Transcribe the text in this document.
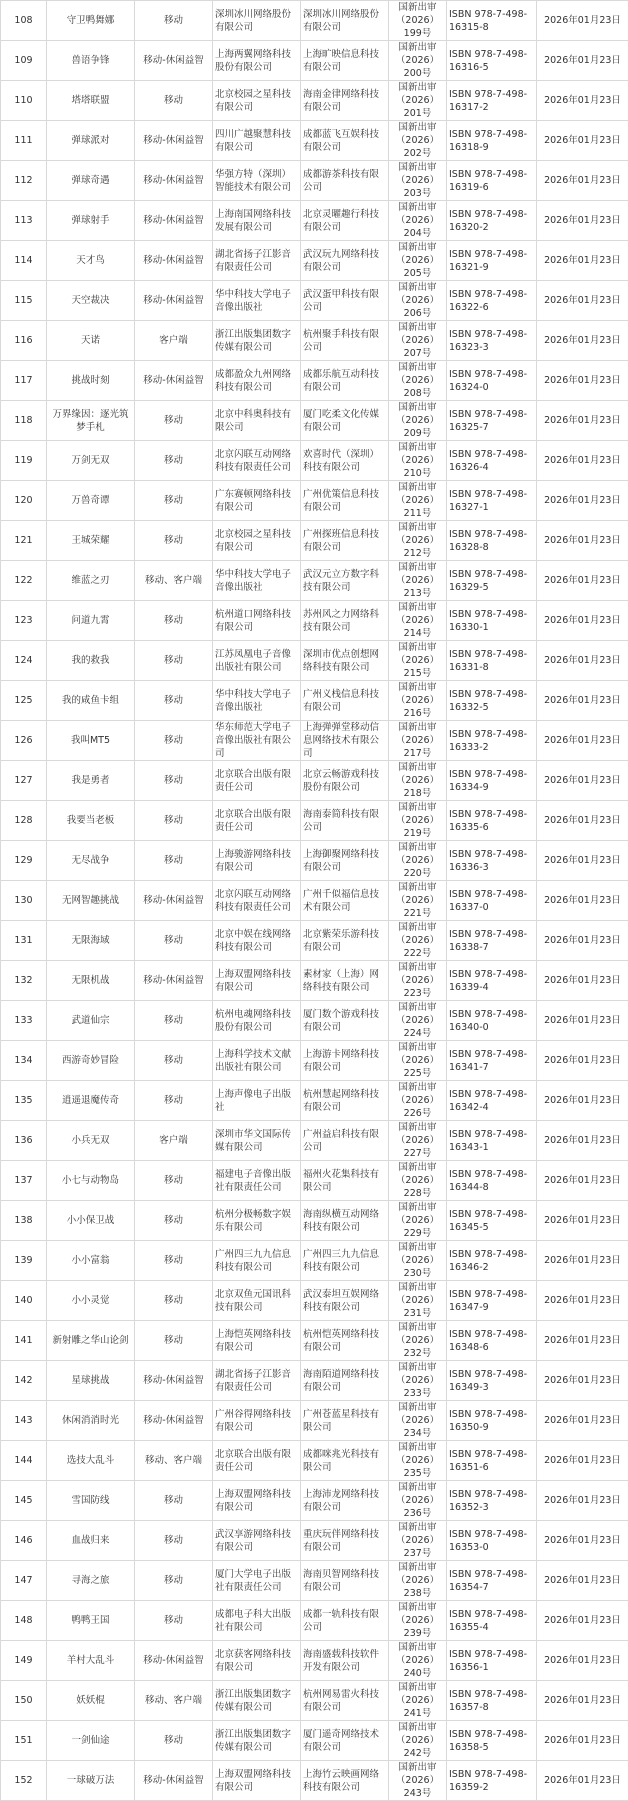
108	守卫鸭舞娜	移动	深圳冰川网络股份有限公司	深圳冰川网络股份有限公司	国新出审（2026）199号	ISBN 978-7-498-16315-8	2026年01月23日
109	兽语争锋	移动-休闲益智	上海两翼网络科技股份有限公司	上海旷映信息科技有限公司	国新出审（2026）200号	ISBN 978-7-498-16316-5	2026年01月23日
110	塔塔联盟	移动	北京校园之星科技有限公司	海南金律网络科技有限公司	国新出审（2026）201号	ISBN 978-7-498-16317-2	2026年01月23日
111	弹球派对	移动-休闲益智	四川广越聚慧科技有限公司	成都蓝飞互娱科技有限公司	国新出审（2026）202号	ISBN 978-7-498-16318-9	2026年01月23日
112	弹球奇遇	移动-休闲益智	华强方特（深圳）智能技术有限公司	成都游茶科技有限公司	国新出审（2026）203号	ISBN 978-7-498-16319-6	2026年01月23日
113	弹球射手	移动-休闲益智	上海南国网络科技发展有限公司	北京灵曜趣行科技有限公司	国新出审（2026）204号	ISBN 978-7-498-16320-2	2026年01月23日
114	天才鸟	移动-休闲益智	湖北省扬子江影音有限责任公司	武汉玩九网络科技有限公司	国新出审（2026）205号	ISBN 978-7-498-16321-9	2026年01月23日
115	天空裁决	移动-休闲益智	华中科技大学电子音像出版社	武汉蛋甲科技有限公司	国新出审（2026）206号	ISBN 978-7-498-16322-6	2026年01月23日
116	天诺	客户端	浙江出版集团数字传媒有限公司	杭州聚手科技有限公司	国新出审（2026）207号	ISBN 978-7-498-16323-3	2026年01月23日
117	挑战时刻	移动-休闲益智	成都盈众九州网络科技有限公司	成都乐航互动科技有限公司	国新出审（2026）208号	ISBN 978-7-498-16324-0	2026年01月23日
118	万界缘因：逐光筑梦手札	移动	北京中科奥科技有限公司	厦门吃柔文化传媒有限公司	国新出审（2026）209号	ISBN 978-7-498-16325-7	2026年01月23日
119	万剑无双	移动	北京闪联互动网络科技有限责任公司	欢喜时代（深圳）科技有限公司	国新出审（2026）210号	ISBN 978-7-498-16326-4	2026年01月23日
120	万兽奇谭	移动	广东赛顿网络科技有限公司	广州优策信息科技有限公司	国新出审（2026）211号	ISBN 978-7-498-16327-1	2026年01月23日
121	王城荣耀	移动	北京校园之星科技有限公司	广州探班信息科技有限公司	国新出审（2026）212号	ISBN 978-7-498-16328-8	2026年01月23日
122	维蓝之刃	移动、客户端	华中科技大学电子音像出版社	武汉元立方数字科技有限公司	国新出审（2026）213号	ISBN 978-7-498-16329-5	2026年01月23日
123	问道九霄	移动	杭州道口网络科技有限公司	苏州风之力网络科技有限公司	国新出审（2026）214号	ISBN 978-7-498-16330-1	2026年01月23日
124	我的救我	移动	江苏凤凰电子音像出版社有限公司	深圳市优点创想网络科技有限公司	国新出审（2026）215号	ISBN 978-7-498-16331-8	2026年01月23日
125	我的咸鱼卡组	移动	华中科技大学电子音像出版社	广州义栈信息科技有限公司	国新出审（2026）216号	ISBN 978-7-498-16332-5	2026年01月23日
126	我叫MT5	移动	华东师范大学电子音像出版社有限公司	上海弹弹堂移动信息网络技术有限公司	国新出审（2026）217号	ISBN 978-7-498-16333-2	2026年01月23日
127	我是勇者	移动	北京联合出版有限责任公司	北京云畅游戏科技股份有限公司	国新出审（2026）218号	ISBN 978-7-498-16334-9	2026年01月23日
128	我要当老板	移动	北京联合出版有限责任公司	海南泰简科技有限公司	国新出审（2026）219号	ISBN 978-7-498-16335-6	2026年01月23日
129	无尽战争	移动	上海骏游网络科技有限公司	上海御聚网络科技有限公司	国新出审（2026）220号	ISBN 978-7-498-16336-3	2026年01月23日
130	无网智趣挑战	移动-休闲益智	北京闪联互动网络科技有限责任公司	广州千似福信息技术有限公司	国新出审（2026）221号	ISBN 978-7-498-16337-0	2026年01月23日
131	无限海域	移动	北京中娱在线网络科技有限公司	北京紫荣乐游科技有限公司	国新出审（2026）222号	ISBN 978-7-498-16338-7	2026年01月23日
132	无限机战	移动-休闲益智	上海双盟网络科技有限公司	素材家（上海）网络科技有限公司	国新出审（2026）223号	ISBN 978-7-498-16339-4	2026年01月23日
133	武道仙宗	移动	杭州电魂网络科技股份有限公司	厦门数个游戏科技有限公司	国新出审（2026）224号	ISBN 978-7-498-16340-0	2026年01月23日
134	西游奇妙冒险	移动	上海科学技术文献出版社有限公司	上海游卡网络科技有限公司	国新出审（2026）225号	ISBN 978-7-498-16341-7	2026年01月23日
135	逍遥退魔传奇	移动	上海声像电子出版社	杭州慧起网络科技有限公司	国新出审（2026）226号	ISBN 978-7-498-16342-4	2026年01月23日
136	小兵无双	客户端	深圳市华文国际传媒有限公司	广州益启科技有限公司	国新出审（2026）227号	ISBN 978-7-498-16343-1	2026年01月23日
137	小七与动物岛	移动	福建电子音像出版社有限责任公司	福州火花集科技有限公司	国新出审（2026）228号	ISBN 978-7-498-16344-8	2026年01月23日
138	小小保卫战	移动	杭州分极畅数字娱乐有限公司	海南纵横互动网络科技有限公司	国新出审（2026）229号	ISBN 978-7-498-16345-5	2026年01月23日
139	小小富翁	移动	广州四三九九信息科技有限公司	广州四三九九信息科技有限公司	国新出审（2026）230号	ISBN 978-7-498-16346-2	2026年01月23日
140	小小灵觉	移动	北京双鱼元国讯科技有限公司	武汉泰坦互娱网络科技有限公司	国新出审（2026）231号	ISBN 978-7-498-16347-9	2026年01月23日
141	新射雕之华山论剑	移动	上海恺英网络科技有限公司	杭州恺英网络科技有限公司	国新出审（2026）232号	ISBN 978-7-498-16348-6	2026年01月23日
142	星球挑战	移动-休闲益智	湖北省扬子江影音有限责任公司	海南陌道网络科技有限公司	国新出审（2026）233号	ISBN 978-7-498-16349-3	2026年01月23日
143	休闲消消时光	移动-休闲益智	广州谷得网络科技有限公司	广州苍蓝星科技有限公司	国新出审（2026）234号	ISBN 978-7-498-16350-9	2026年01月23日
144	选技大乱斗	移动、客户端	北京联合出版有限责任公司	成都咪兆光科技有限公司	国新出审（2026）235号	ISBN 978-7-498-16351-6	2026年01月23日
145	雪国防线	移动	上海双盟网络科技有限公司	上海沛龙网络科技有限公司	国新出审（2026）236号	ISBN 978-7-498-16352-3	2026年01月23日
146	血战归来	移动	武汉享游网络科技有限公司	重庆玩伴网络科技有限公司	国新出审（2026）237号	ISBN 978-7-498-16353-0	2026年01月23日
147	寻海之旅	移动	厦门大学电子出版社有限责任公司	海南贝智网络科技有限公司	国新出审（2026）238号	ISBN 978-7-498-16354-7	2026年01月23日
148	鸭鸭王国	移动	成都电子科大出版社有限公司	成都一轨科技有限公司	国新出审（2026）239号	ISBN 978-7-498-16355-4	2026年01月23日
149	羊村大乱斗	移动-休闲益智	北京获客网络科技有限公司	海南盛载科技软件开发有限公司	国新出审（2026）240号	ISBN 978-7-498-16356-1	2026年01月23日
150	妖妖棍	移动、客户端	浙江出版集团数字传媒有限公司	杭州网易雷火科技有限公司	国新出审（2026）241号	ISBN 978-7-498-16357-8	2026年01月23日
151	一剑仙途	移动	浙江出版集团数字传媒有限公司	厦门遥奇网络技术有限公司	国新出审（2026）242号	ISBN 978-7-498-16358-5	2026年01月23日
152	一球破万法	移动-休闲益智	上海双盟网络科技有限公司	上海竹云映画网络科技有限公司	国新出审（2026）243号	ISBN 978-7-498-16359-2	2026年01月23日
